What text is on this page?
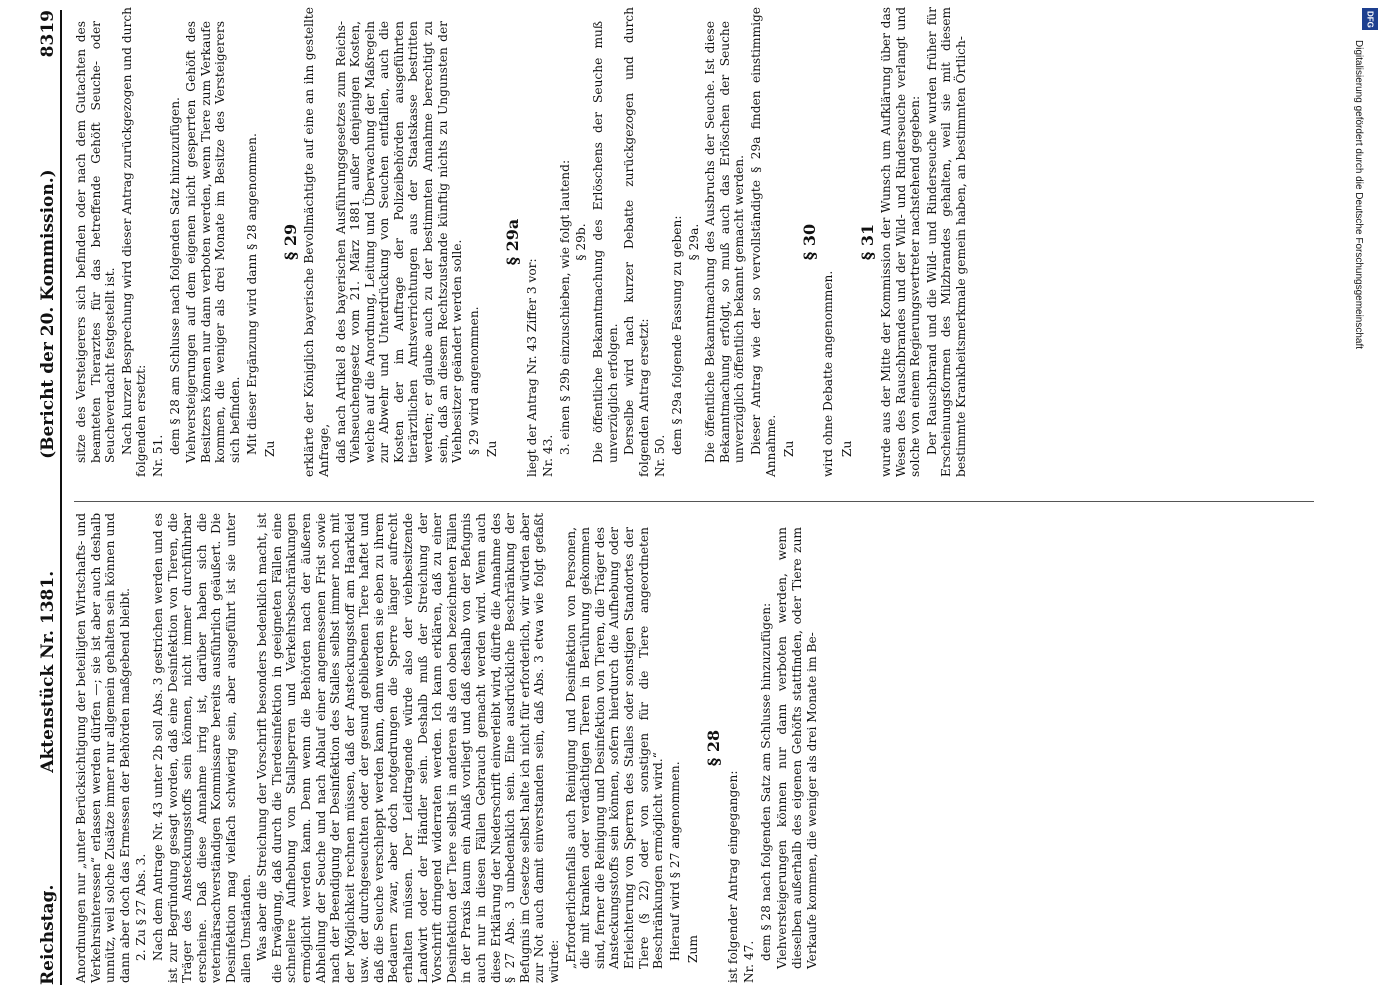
Reichstag.
Aktenstück Nr. 1381.
(Bericht der 20. Kommission.)
8319

Anordnungen nur „unter Berücksichtigung der beteiligten Wirtschafts- und Verkehrsinteressen“ erlassen werden dürfen —; sie ist aber auch deshalb unnütz, weil solche Zusätze immer nur allgemein gehalten sein können und dann aber doch das Ermessen der Behörden maßgebend bleibt. 2. Zu § 27 Abs. 3. Nach dem Antrage Nr. 43 unter 2b soll Abs. 3 gestrichen werden und es ist zur Begründung gesagt worden, daß eine Desinfektion von Tieren, die Träger des Ansteckungsstoffs sein können, nicht immer durchführbar erscheine. Daß diese Annahme irrig ist, darüber haben sich die veterinärsachverständigen Kommissare bereits ausführlich geäußert. Die Desinfektion mag vielfach schwierig sein, aber ausgeführt ist sie unter allen Umständen. Was aber die Streichung der Vorschrift besonders bedenklich macht, ist die Erwägung, daß durch die Tierdesinfektion in geeigneten Fällen eine schnellere Aufhebung von Stallsperren und Verkehrsbeschränkungen ermöglicht werden kann. Denn wenn die Behörden nach der äußeren Abheilung der Seuche und nach Ablauf einer angemessenen Frist sowie nach der Beendigung der Desinfektion des Stalles selbst immer noch mit der Möglichkeit rechnen müssen, daß der Ansteckungsstoff am Haarkleid usw. der durchgeseuchten oder der gesund gebliebenen Tiere haftet und daß die Seuche verschleppt werden kann, dann werden sie eben zu ihrem Bedauern zwar, aber doch notgedrungen die Sperre länger aufrecht erhalten müssen. Der Leidtragende würde also der viehbesitzende Landwirt oder der Händler sein. Deshalb muß der Streichung der Vorschrift dringend widerraten werden. Ich kann erklären, daß zu einer Desinfektion der Tiere selbst in anderen als den oben bezeichneten Fällen in der Praxis kaum ein Anlaß vorliegt und daß deshalb von der Befugnis auch nur in diesen Fällen Gebrauch gemacht werden wird. Wenn auch diese Erklärung der Niederschrift einverleibt wird, dürfte die Annahme des § 27 Abs. 3 unbedenklich sein. Eine ausdrückliche Beschränkung der Befugnis im Gesetze selbst halte ich nicht für erforderlich, wir würden aber zur Not auch damit einverstanden sein, daß Abs. 3 etwa wie folgt gefaßt würde: „Erforderlichenfalls auch Reinigung und Desinfektion von Personen, die mit kranken oder verdächtigen Tieren in Berührung gekommen sind, ferner die Reinigung und Desinfektion von Tieren, die Träger des Ansteckungsstoffs sein können, sofern hierdurch die Aufhebung oder Erleichterung von Sperren des Stalles oder sonstigen Standortes der Tiere (§ 22) oder von sonstigen für die Tiere angeordneten Beschränkungen ermöglicht wird.“ Hierauf wird § 27 angenommen. Zum

§ 28

ist folgender Antrag eingegangen: Nr. 47.

dem § 28 nach folgenden Satz am Schlusse hinzuzufügen: Viehversteigerungen können nur dann verboten werden, wenn dieselben außerhalb des eigenen Gehöfts stattfinden, oder Tiere zum Verkaufe kommen, die weniger als drei Monate im Be-

sitze des Versteigerers sich befinden oder nach dem Gutachten des beamteten Tierarztes für das betreffende Gehöft Seuche- oder Seucheverdacht festgestellt ist. Nach kurzer Besprechung wird dieser Antrag zurückgezogen und durch folgenden ersetzt: Nr. 51.

dem § 28 am Schlusse nach folgenden Satz hinzuzufügen. Viehversteigerungen auf dem eigenen nicht gesperrten Gehöft des Besitzers können nur dann verboten werden, wenn Tiere zum Verkaufe kommen, die weniger als drei Monate im Besitze des Versteigerers sich befinden. Mit dieser Ergänzung wird dann § 28 angenommen. Zu

§ 29 erklärte der Königlich bayerische Bevollmächtigte auf eine an ihn gestellte Anfrage, daß nach Artikel 8 des bayerischen Ausführungsgesetzes zum Reichs-Viehseuchengesetz vom 21. März 1881 außer denjenigen Kosten, welche auf die Anordnung, Leitung und Überwachung der Maßregeln zur Abwehr und Unterdrückung von Seuchen entfallen, auch die Kosten der im Auftrage der Polizeibehörden ausgeführten tierärztlichen Amtsverrichtungen aus der Staatskasse bestritten werden; er glaube auch zu der bestimmten Annahme berechtigt zu sein, daß an diesem Rechtszustande künftig nichts zu Ungunsten der Viehbesitzer geändert werden solle. § 29 wird angenommen. Zu

§ 29a

liegt der Antrag Nr. 43 Ziffer 3 vor: Nr. 43.

3. einen § 29b einzuschieben, wie folgt lautend: § 29b. Die öffentliche Bekanntmachung des Erlöschens der Seuche muß unverzüglich erfolgen. Derselbe wird nach kurzer Debatte zurückgezogen und durch folgenden Antrag ersetzt: Nr. 50.

dem § 29a folgende Fassung zu geben: § 29a. Die öffentliche Bekanntmachung des Ausbruchs der Seuche. Ist diese Bekanntmachung erfolgt, so muß auch das Erlöschen der Seuche unverzüglich öffentlich bekannt gemacht werden. Dieser Antrag wie der so vervollständigte § 29a finden einstimmige Annahme. Zu

§ 30

wird ohne Debatte angenommen. Zu

§ 31 wurde aus der Mitte der Kommission der Wunsch um Aufklärung über das Wesen des Rauschbrandes und der Wild- und Rinderseuche verlangt und solche von einem Regierungsvertreter nachstehend gegeben: Der Rauschbrand und die Wild- und Rinderseuche wurden früher für Erscheinungsformen des Milzbrandes gehalten, weil sie mit diesem bestimmte Krankheitsmerkmale gemein haben, an bestimmten Örtlich-	Digitalisierung gefördert durch die Deutsche Forschungsgemeinschaft
DFG
